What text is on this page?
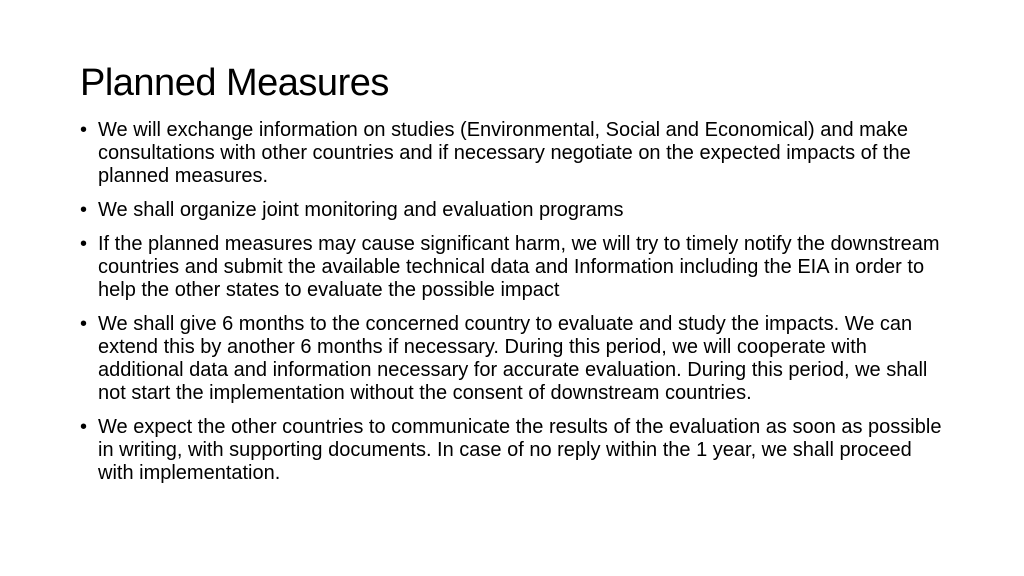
Planned Measures
• We will exchange information on studies (Environmental, Social and Economical) and make consultations with other countries and if necessary negotiate on the expected impacts of the planned measures.
• We shall organize joint monitoring and evaluation programs
• If the planned measures may cause significant harm, we will try to timely notify the downstream countries and submit the available technical data and Information including the EIA in order to help the other states to evaluate the possible impact
• We shall give 6 months to the concerned country to evaluate and study the impacts. We can extend this by another 6 months if necessary. During this period, we will cooperate with additional data and information necessary for accurate evaluation. During this period, we shall not start the implementation without the consent of downstream countries.
• We expect the other countries to communicate the results of the evaluation as soon as possible in writing, with supporting documents. In case of no reply within the 1 year, we shall proceed with implementation.
